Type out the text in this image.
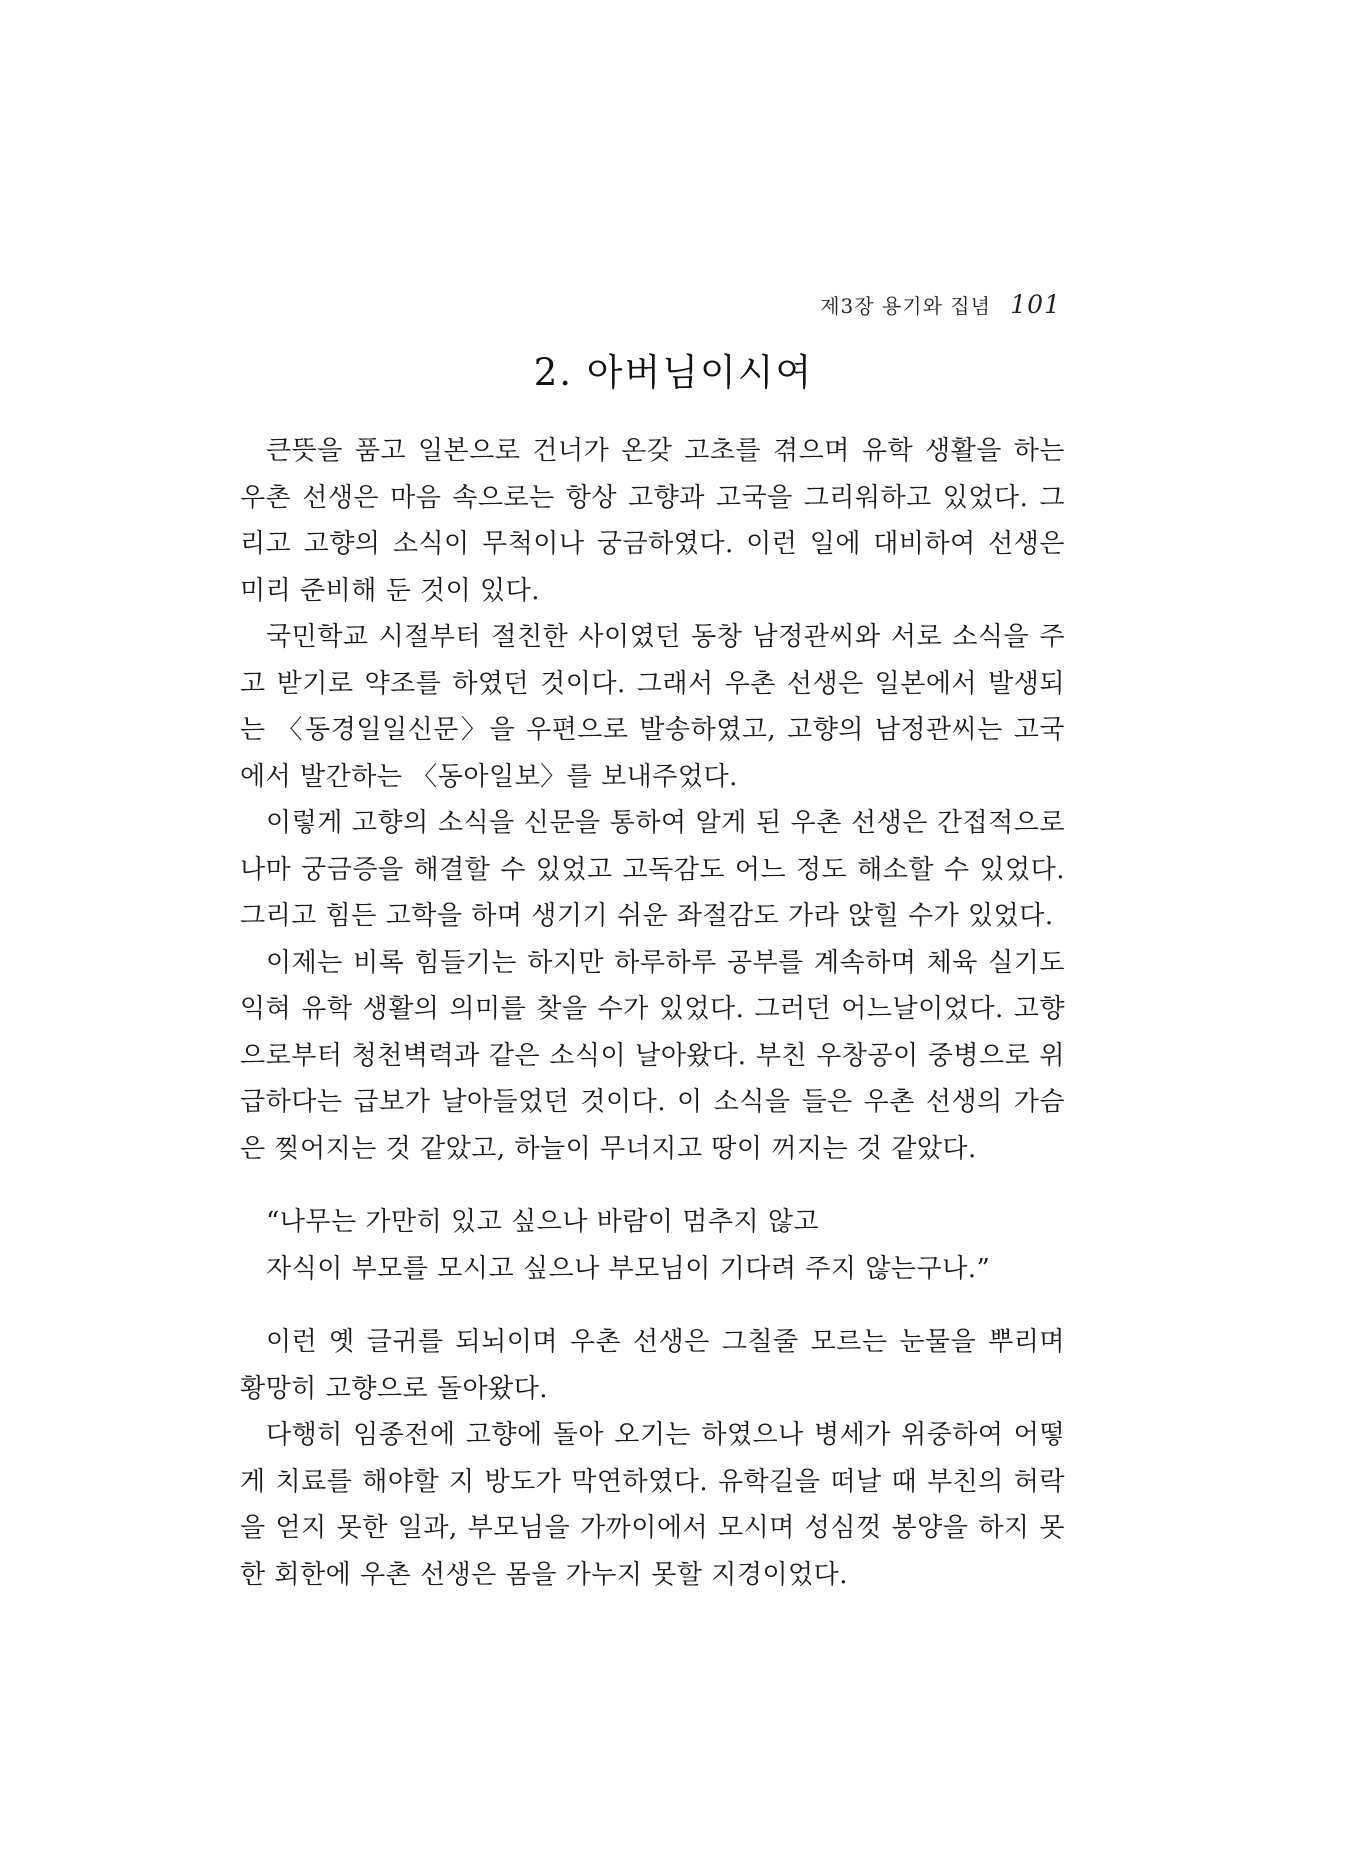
제3장 용기와 집념 101
2. 아버님이시여

큰뜻을 품고 일본으로 건너가 온갖 고초를 겪으며 유학 생활을 하는 우촌 선생은 마음 속으로는 항상 고향과 고국을 그리워하고 있었다. 그리고 고향의 소식이 무척이나 궁금하였다. 이런 일에 대비하여 선생은 미리 준비해 둔 것이 있다.

국민학교 시절부터 절친한 사이였던 동창 남정관씨와 서로 소식을 주고 받기로 약조를 하였던 것이다. 그래서 우촌 선생은 일본에서 발생되는 〈동경일일신문〉을 우편으로 발송하였고, 고향의 남정관씨는 고국에서 발간하는 〈동아일보〉를 보내주었다.

이렇게 고향의 소식을 신문을 통하여 알게 된 우촌 선생은 간접적으로나마 궁금증을 해결할 수 있었고 고독감도 어느 정도 해소할 수 있었다. 그리고 힘든 고학을 하며 생기기 쉬운 좌절감도 가라 앉힐 수가 있었다.

이제는 비록 힘들기는 하지만 하루하루 공부를 계속하며 체육 실기도 익혀 유학 생활의 의미를 찾을 수가 있었다. 그러던 어느날이었다. 고향으로부터 청천벽력과 같은 소식이 날아왔다. 부친 우창공이 중병으로 위급하다는 급보가 날아들었던 것이다. 이 소식을 들은 우촌 선생의 가슴은 찢어지는 것 같았고, 하늘이 무너지고 땅이 꺼지는 것 같았다.

“나무는 가만히 있고 싶으나 바람이 멈추지 않고
자식이 부모를 모시고 싶으나 부모님이 기다려 주지 않는구나.”

이런 옛 글귀를 되뇌이며 우촌 선생은 그칠줄 모르는 눈물을 뿌리며 황망히 고향으로 돌아왔다.

다행히 임종전에 고향에 돌아 오기는 하였으나 병세가 위중하여 어떻게 치료를 해야할 지 방도가 막연하였다. 유학길을 떠날 때 부친의 허락을 얻지 못한 일과, 부모님을 가까이에서 모시며 성심껏 봉양을 하지 못한 회한에 우촌 선생은 몸을 가누지 못할 지경이었다.
